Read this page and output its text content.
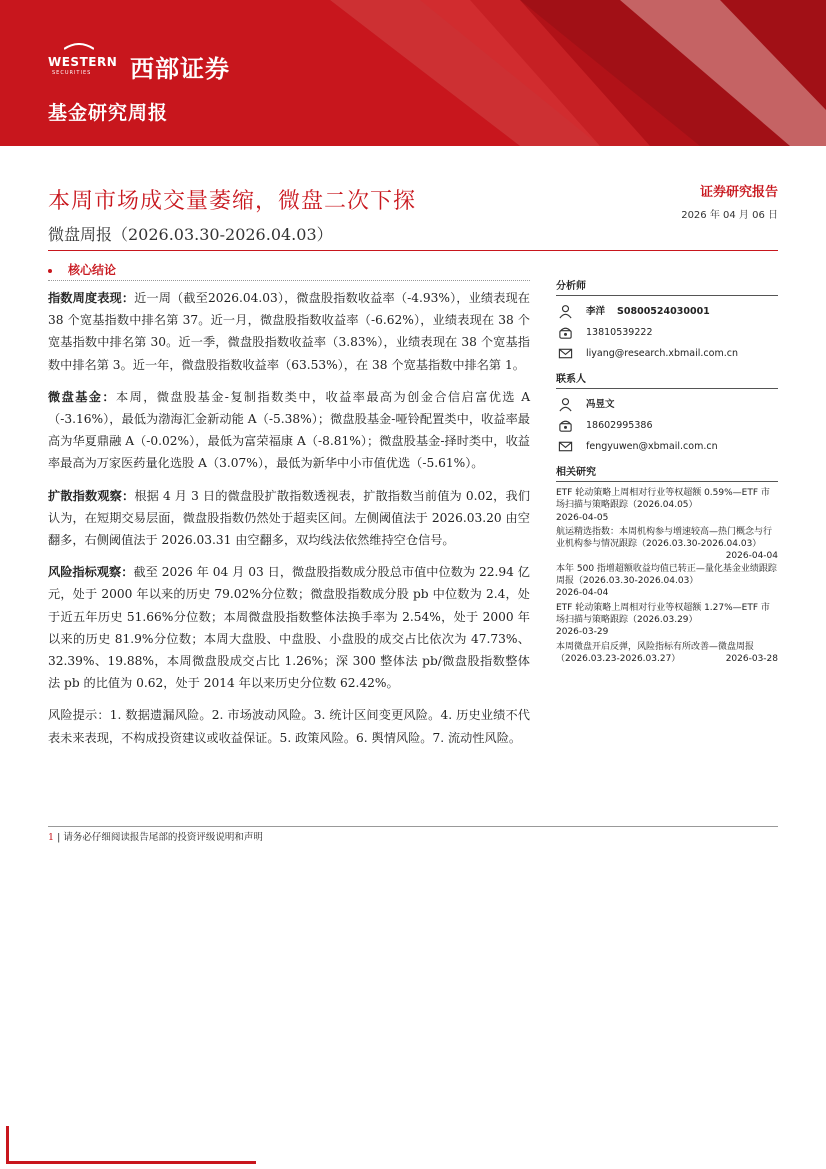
WESTERN
SECURITIES 西部证券
基金研究周报
本周市场成交量萎缩，微盘二次下探
微盘周报（2026.03.30-2026.04.03）
证券研究报告
2026 年 04 月 06 日
核心结论

指数周度表现：近一周（截至2026.04.03），微盘股指数收益率（-4.93%），业绩表现在 38 个宽基指数中排名第 37。近一月，微盘股指数收益率（-6.62%），业绩表现在 38 个宽基指数中排名第 30。近一季，微盘股指数收益率（3.83%），业绩表现在 38 个宽基指数中排名第 3。近一年，微盘股指数收益率（63.53%），在 38 个宽基指数中排名第 1。

微盘基金：本周，微盘股基金-复制指数类中，收益率最高为创金合信启富优选 A（-3.16%），最低为渤海汇金新动能 A（-5.38%）；微盘股基金-哑铃配置类中，收益率最高为华夏鼎融 A（-0.02%），最低为富荣福康 A（-8.81%）；微盘股基金-择时类中，收益率最高为万家医药量化选股 A（3.07%），最低为新华中小市值优选（-5.61%）。

扩散指数观察：根据 4 月 3 日的微盘股扩散指数透视表，扩散指数当前值为 0.02，我们认为，在短期交易层面，微盘股指数仍然处于超卖区间。左侧阈值法于 2026.03.20 由空翻多，右侧阈值法于 2026.03.31 由空翻多，双均线法依然维持空仓信号。

风险指标观察：截至 2026 年 04 月 03 日，微盘股指数成分股总市值中位数为 22.94 亿元，处于 2000 年以来的历史 79.02%分位数；微盘股指数成分股 pb 中位数为 2.4，处于近五年历史 51.66%分位数；本周微盘股指数整体法换手率为 2.54%，处于 2000 年以来的历史 81.9%分位数；本周大盘股、中盘股、小盘股的成交占比依次为 47.73%、32.39%、19.88%，本周微盘股成交占比 1.26%；深 300 整体法 pb/微盘股指数整体法 pb 的比值为 0.62，处于 2014 年以来历史分位数 62.42%。

风险提示：1. 数据遗漏风险。2. 市场波动风险。3. 统计区间变更风险。4. 历史业绩不代表未来表现，不构成投资建议或收益保证。5. 政策风险。6. 舆情风险。7. 流动性风险。

分析师
李洋 S0800524030001
13810539222
liyang@research.xbmail.com.cn
联系人
冯昱文
18602995386
fengyuwen@xbmail.com.cn
相关研究
ETF 轮动策略上周相对行业等权超额 0.59%—ETF 市场扫描与策略跟踪（2026.04.05）
2026-04-05
航运精选指数：本周机构参与增速较高—热门概念与行业机构参与情况跟踪（2026.03.30-2026.04.03）
2026-04-04
本年 500 指增超额收益均值已转正—量化基金业绩跟踪周报（2026.03.30-2026.04.03）
2026-04-04
ETF 轮动策略上周相对行业等权超额 1.27%—ETF 市场扫描与策略跟踪（2026.03.29）
2026-03-29
本周微盘开启反弹，风险指标有所改善—微盘周报（2026.03.23-2026.03.27）	2026-03-28
1 | 请务必仔细阅读报告尾部的投资评级说明和声明
